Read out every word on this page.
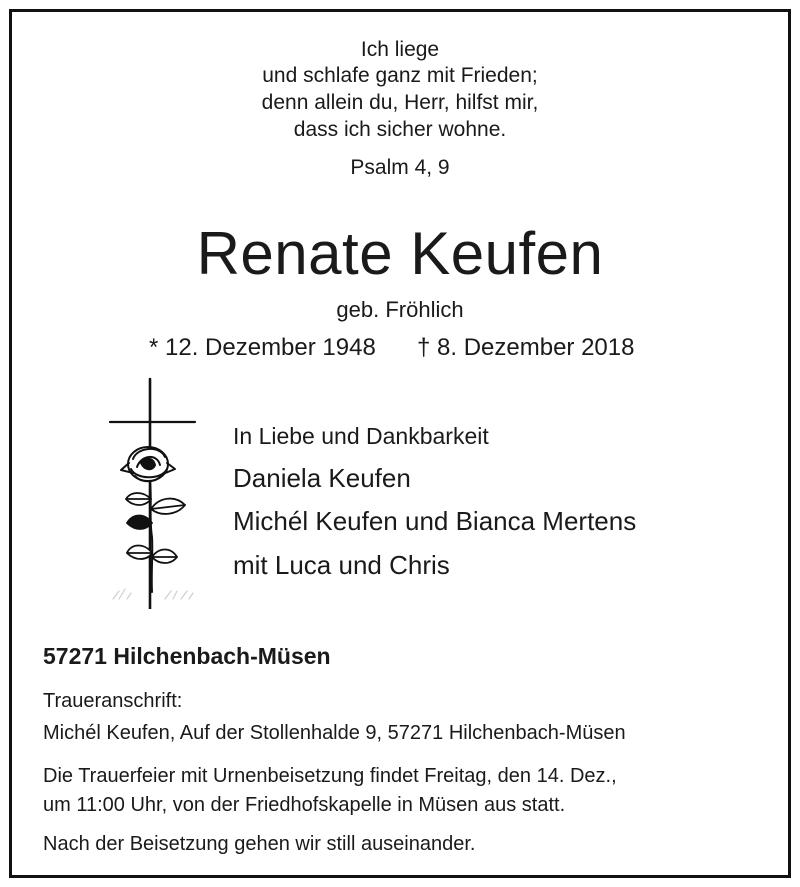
Ich liege
und schlafe ganz mit Frieden;
denn allein du, Herr, hilfst mir,
dass ich sicher wohne.
Psalm 4, 9
Renate Keufen
geb. Fröhlich
* 12. Dezember 1948 † 8. Dezember 2018
In Liebe und Dankbarkeit
Daniela Keufen
Michél Keufen und Bianca Mertens
mit Luca und Chris
57271 Hilchenbach-Müsen
Traueranschrift:
Michél Keufen, Auf der Stollenhalde 9, 57271 Hilchenbach-Müsen
Die Trauerfeier mit Urnenbeisetzung findet Freitag, den 14. Dez.,
um 11:00 Uhr, von der Friedhofskapelle in Müsen aus statt.
Nach der Beisetzung gehen wir still auseinander.
